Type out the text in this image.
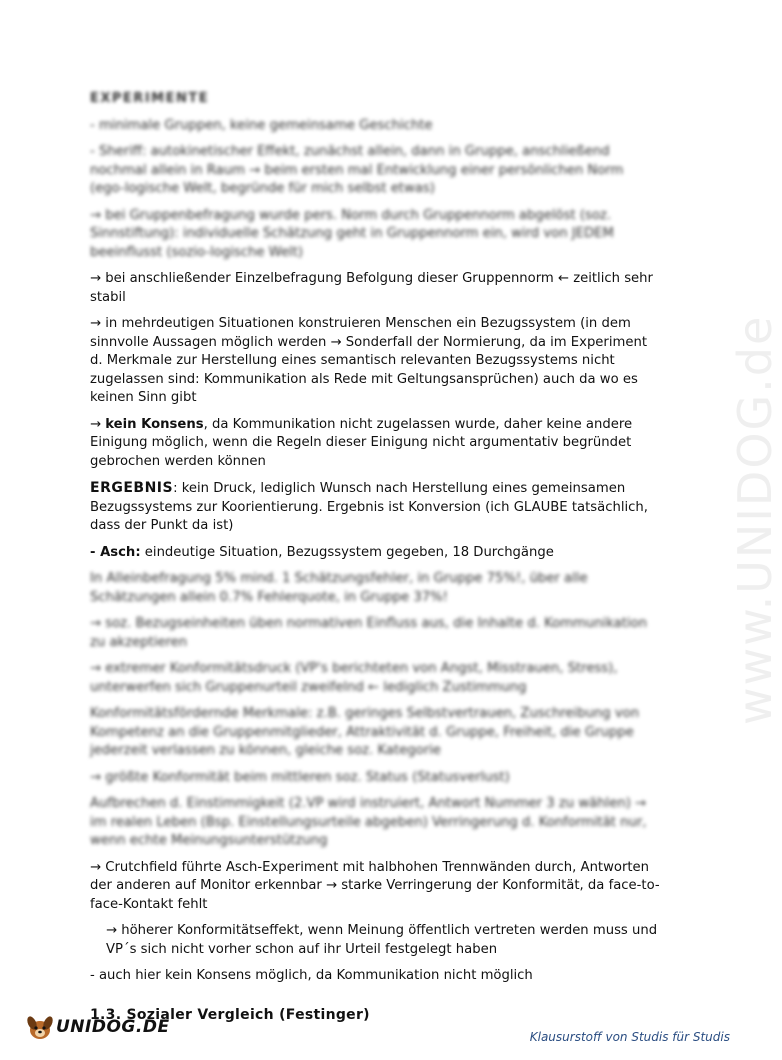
www.UNIDOG.de
EXPERIMENTE
- minimale Gruppen, keine gemeinsame Geschichte
- Sheriff: autokinetischer Effekt, zunächst allein, dann in Gruppe, anschließend nochmal allein in Raum → beim ersten mal Entwicklung einer persönlichen Norm (ego-logische Welt, begründe für mich selbst etwas)
→ bei Gruppenbefragung wurde pers. Norm durch Gruppennorm abgelöst (soz. Sinnstiftung): individuelle Schätzung geht in Gruppennorm ein, wird von JEDEM beeinflusst (sozio-logische Welt)
→ bei anschließender Einzelbefragung Befolgung dieser Gruppennorm ← zeitlich sehr stabil
→ in mehrdeutigen Situationen konstruieren Menschen ein Bezugssystem (in dem sinnvolle Aussagen möglich werden → Sonderfall der Normierung, da im Experiment d. Merkmale zur Herstellung eines semantisch relevanten Bezugssystems nicht zugelassen sind: Kommunikation als Rede mit Geltungsansprüchen) auch da wo es keinen Sinn gibt
→ kein Konsens, da Kommunikation nicht zugelassen wurde, daher keine andere Einigung möglich, wenn die Regeln dieser Einigung nicht argumentativ begründet gebrochen werden können
ERGEBNIS: kein Druck, lediglich Wunsch nach Herstellung eines gemeinsamen Bezugssystems zur Koorientierung. Ergebnis ist Konversion (ich GLAUBE tatsächlich, dass der Punkt da ist)
- Asch: eindeutige Situation, Bezugssystem gegeben, 18 Durchgänge
In Alleinbefragung 5% mind. 1 Schätzungsfehler, in Gruppe 75%!, über alle Schätzungen allein 0.7% Fehlerquote, in Gruppe 37%!
→ soz. Bezugseinheiten üben normativen Einfluss aus, die Inhalte d. Kommunikation zu akzeptieren
→ extremer Konformitätsdruck (VP's berichteten von Angst, Misstrauen, Stress), unterwerfen sich Gruppenurteil zweifelnd ← lediglich Zustimmung
Konformitätsfördernde Merkmale: z.B. geringes Selbstvertrauen, Zuschreibung von Kompetenz an die Gruppenmitglieder, Attraktivität d. Gruppe, Freiheit, die Gruppe jederzeit verlassen zu können, gleiche soz. Kategorie
→ größte Konformität beim mittleren soz. Status (Statusverlust)
Aufbrechen d. Einstimmigkeit (2.VP wird instruiert, Antwort Nummer 3 zu wählen) → im realen Leben (Bsp. Einstellungsurteile abgeben) Verringerung d. Konformität nur, wenn echte Meinungsunterstützung
→ Crutchfield führte Asch-Experiment mit halbhohen Trennwänden durch, Antworten der anderen auf Monitor erkennbar → starke Verringerung der Konformität, da face-to-face-Kontakt fehlt
→ höherer Konformitätseffekt, wenn Meinung öffentlich vertreten werden muss und VP´s sich nicht vorher schon auf ihr Urteil festgelegt haben
- auch hier kein Konsens möglich, da Kommunikation nicht möglich
1.3. Sozialer Vergleich (Festinger)
UNIDOG.DE	Klausurstoff von Studis für Studis
